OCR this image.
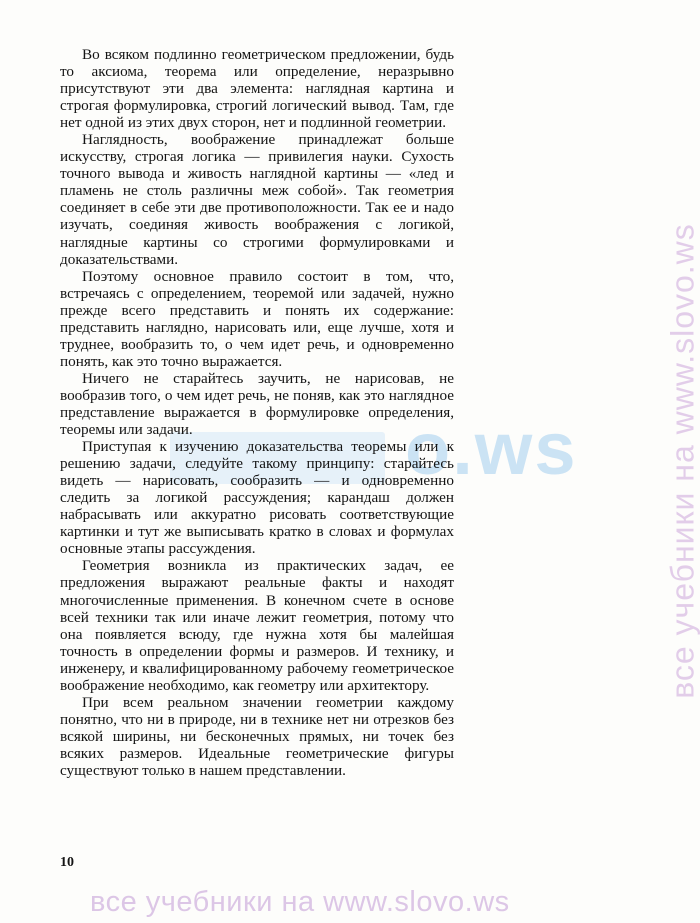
o.ws

Во всяком подлинно геометрическом предложении, будь то аксиома, теорема или определение, неразрывно присутствуют эти два элемента: наглядная картина и строгая формулировка, строгий логический вывод. Там, где нет одной из этих двух сторон, нет и подлинной геометрии.

Наглядность, воображение принадлежат больше искусству, строгая логика — привилегия науки. Сухость точного вывода и живость наглядной картины — «лед и пламень не столь различны меж собой». Так геометрия соединяет в себе эти две противоположности. Так ее и надо изучать, соединяя живость воображения с логикой, наглядные картины со строгими формулировками и доказательствами.

Поэтому основное правило состоит в том, что, встречаясь с определением, теоремой или задачей, нужно прежде всего представить и понять их содержание: представить наглядно, нарисовать или, еще лучше, хотя и труднее, вообразить то, о чем идет речь, и одновременно понять, как это точно выражается.

Ничего не старайтесь заучить, не нарисовав, не вообразив того, о чем идет речь, не поняв, как это наглядное представление выражается в формулировке определения, теоремы или задачи.

Приступая к изучению доказательства теоремы или к решению задачи, следуйте такому принципу: старайтесь видеть — нарисовать, сообразить — и одновременно следить за логикой рассуждения; карандаш должен набрасывать или аккуратно рисовать соответствующие картинки и тут же выписывать кратко в словах и формулах основные этапы рассуждения.

Геометрия возникла из практических задач, ее предложения выражают реальные факты и находят многочисленные применения. В конечном счете в основе всей техники так или иначе лежит геометрия, потому что она появляется всюду, где нужна хотя бы малейшая точность в определении формы и размеров. И технику, и инженеру, и квалифицированному рабочему геометрическое воображение необходимо, как геометру или архитектору.

При всем реальном значении геометрии каждому понятно, что ни в природе, ни в технике нет ни отрезков без всякой ширины, ни бесконечных прямых, ни точек без всяких размеров. Идеальные геометрические фигуры существуют только в нашем представлении.

10
все учебники на www.slovo.ws
все учебники на www.slovo.ws
